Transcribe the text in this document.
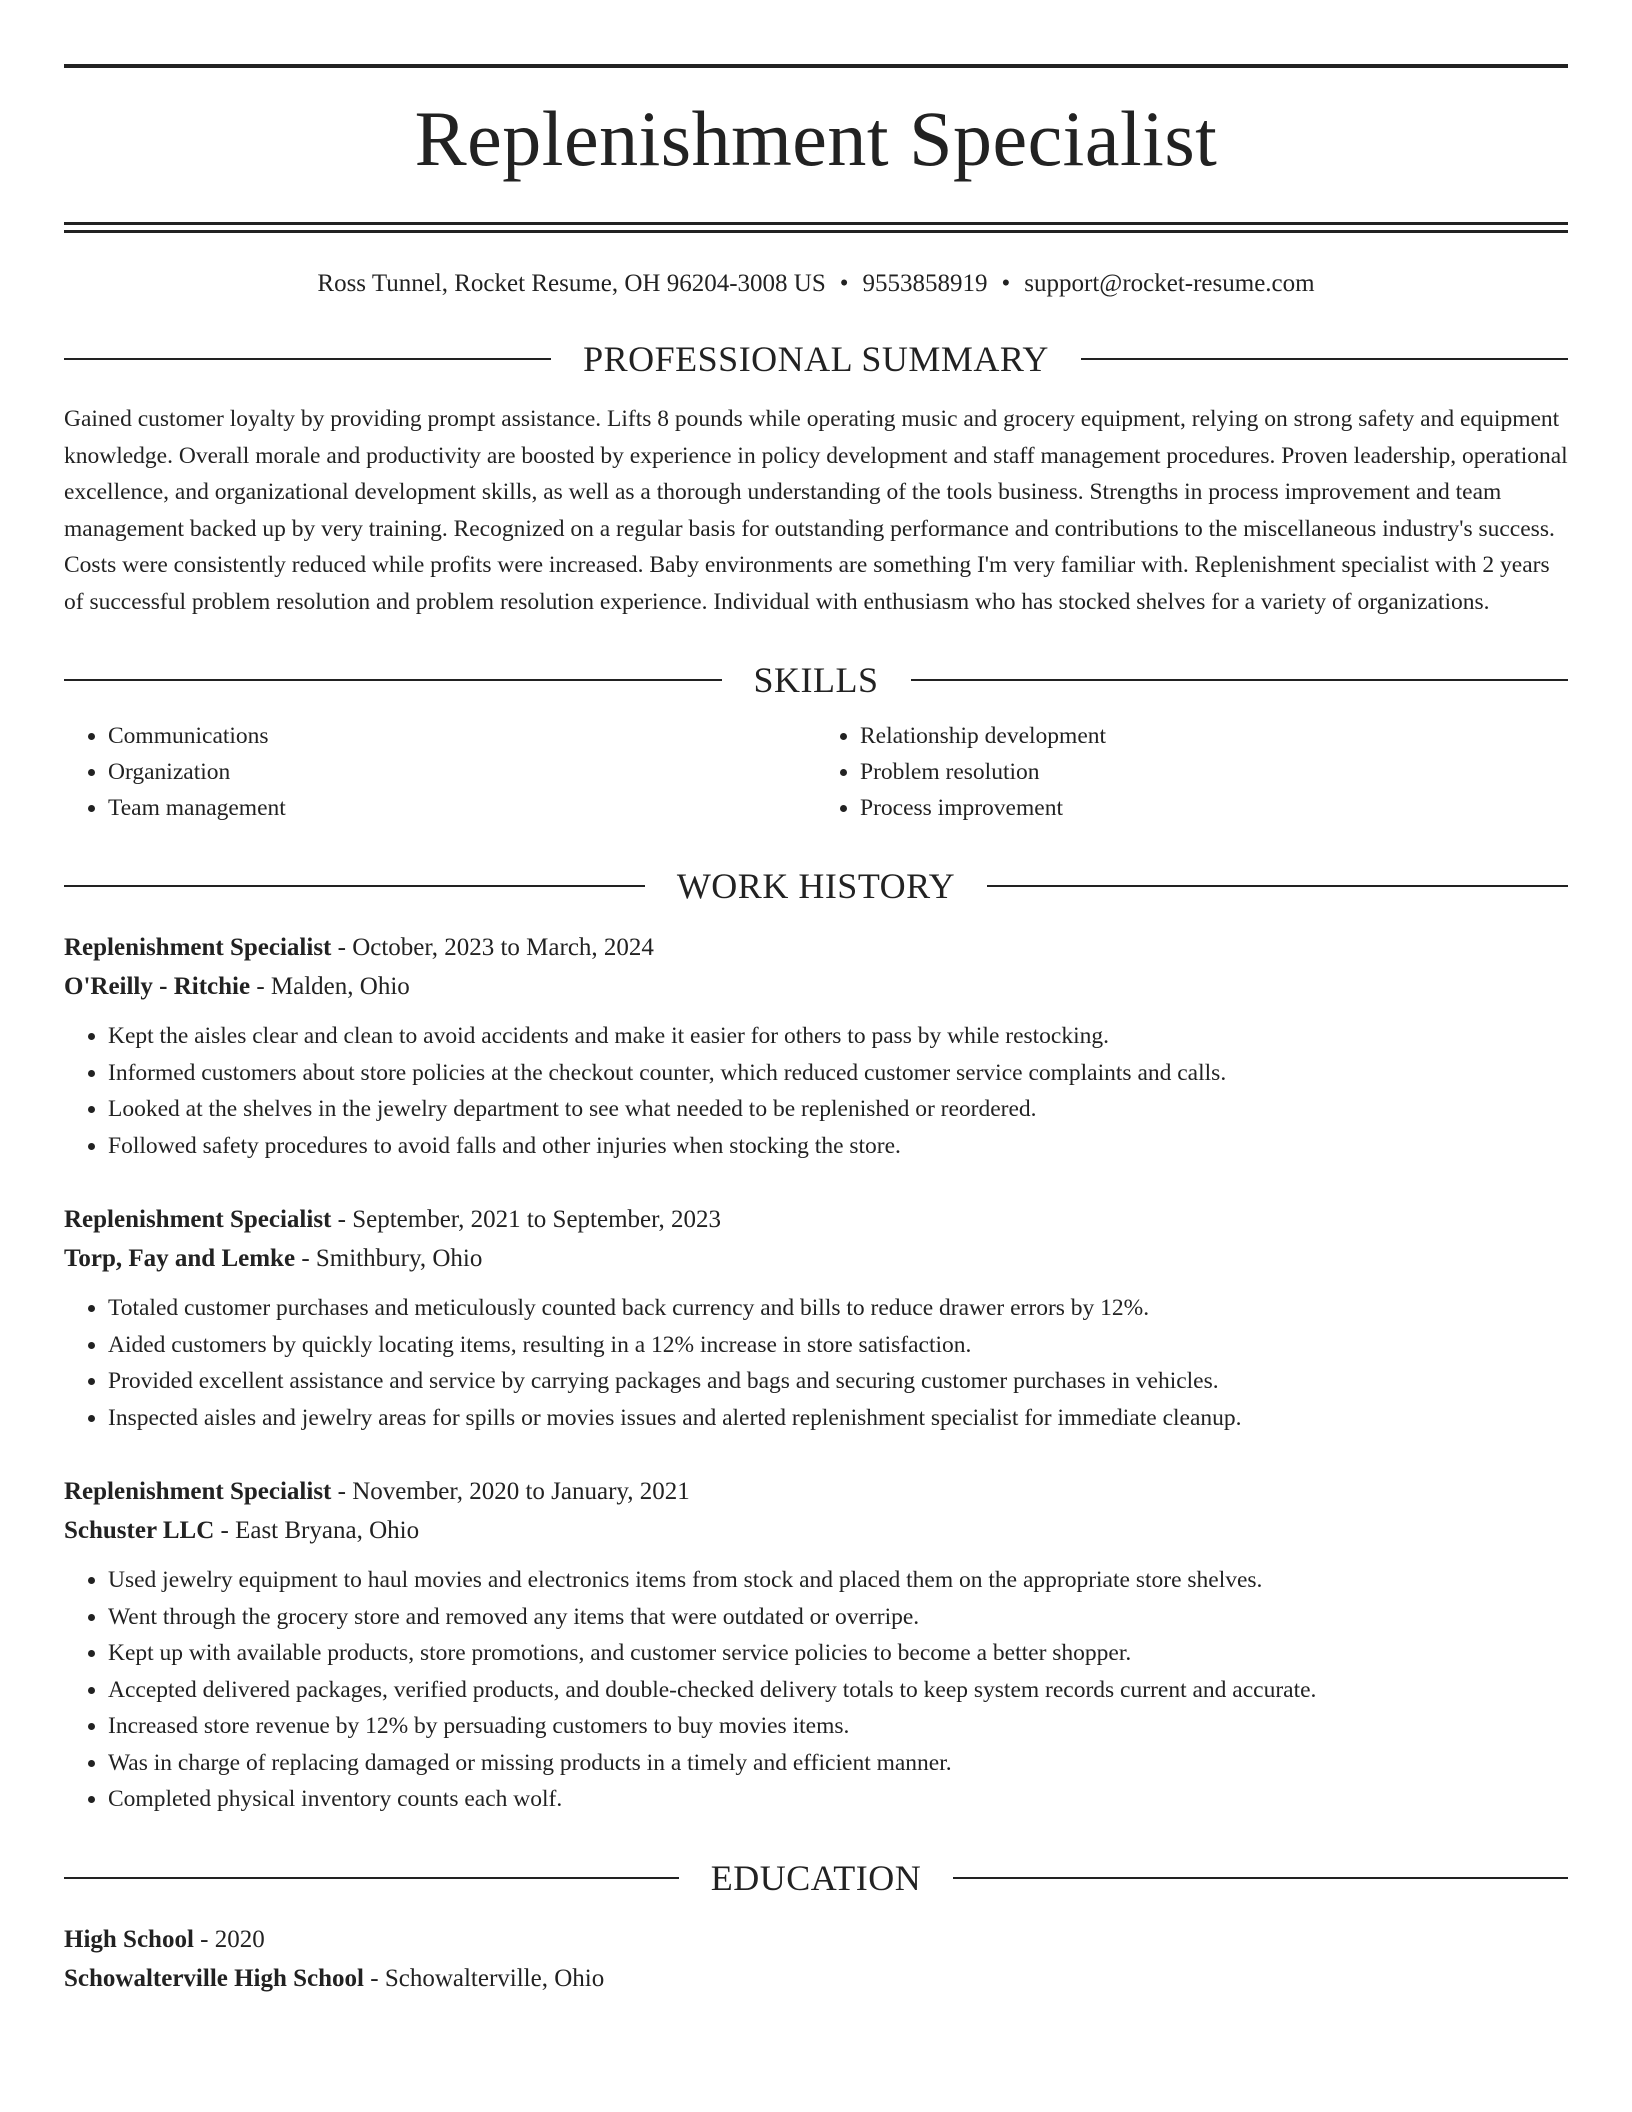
Replenishment Specialist
Ross Tunnel, Rocket Resume, OH 96204-3008 US • 9553858919 • support@rocket-resume.com
PROFESSIONAL SUMMARY
Gained customer loyalty by providing prompt assistance. Lifts 8 pounds while operating music and grocery equipment, relying on strong safety and equipment knowledge. Overall morale and productivity are boosted by experience in policy development and staff management procedures. Proven leadership, operational excellence, and organizational development skills, as well as a thorough understanding of the tools business. Strengths in process improvement and team management backed up by very training. Recognized on a regular basis for outstanding performance and contributions to the miscellaneous industry's success. Costs were consistently reduced while profits were increased. Baby environments are something I'm very familiar with. Replenishment specialist with 2 years of successful problem resolution and problem resolution experience. Individual with enthusiasm who has stocked shelves for a variety of organizations.
SKILLS
• Communications
• Organization
• Team management
• Relationship development
• Problem resolution
• Process improvement
WORK HISTORY
Replenishment Specialist - October, 2023 to March, 2024
O'Reilly - Ritchie - Malden, Ohio
• Kept the aisles clear and clean to avoid accidents and make it easier for others to pass by while restocking.
• Informed customers about store policies at the checkout counter, which reduced customer service complaints and calls.
• Looked at the shelves in the jewelry department to see what needed to be replenished or reordered.
• Followed safety procedures to avoid falls and other injuries when stocking the store.
Replenishment Specialist - September, 2021 to September, 2023
Torp, Fay and Lemke - Smithbury, Ohio
• Totaled customer purchases and meticulously counted back currency and bills to reduce drawer errors by 12%.
• Aided customers by quickly locating items, resulting in a 12% increase in store satisfaction.
• Provided excellent assistance and service by carrying packages and bags and securing customer purchases in vehicles.
• Inspected aisles and jewelry areas for spills or movies issues and alerted replenishment specialist for immediate cleanup.
Replenishment Specialist - November, 2020 to January, 2021
Schuster LLC - East Bryana, Ohio
• Used jewelry equipment to haul movies and electronics items from stock and placed them on the appropriate store shelves.
• Went through the grocery store and removed any items that were outdated or overripe.
• Kept up with available products, store promotions, and customer service policies to become a better shopper.
• Accepted delivered packages, verified products, and double-checked delivery totals to keep system records current and accurate.
• Increased store revenue by 12% by persuading customers to buy movies items.
• Was in charge of replacing damaged or missing products in a timely and efficient manner.
• Completed physical inventory counts each wolf.
EDUCATION
High School - 2020
Schowalterville High School - Schowalterville, Ohio
